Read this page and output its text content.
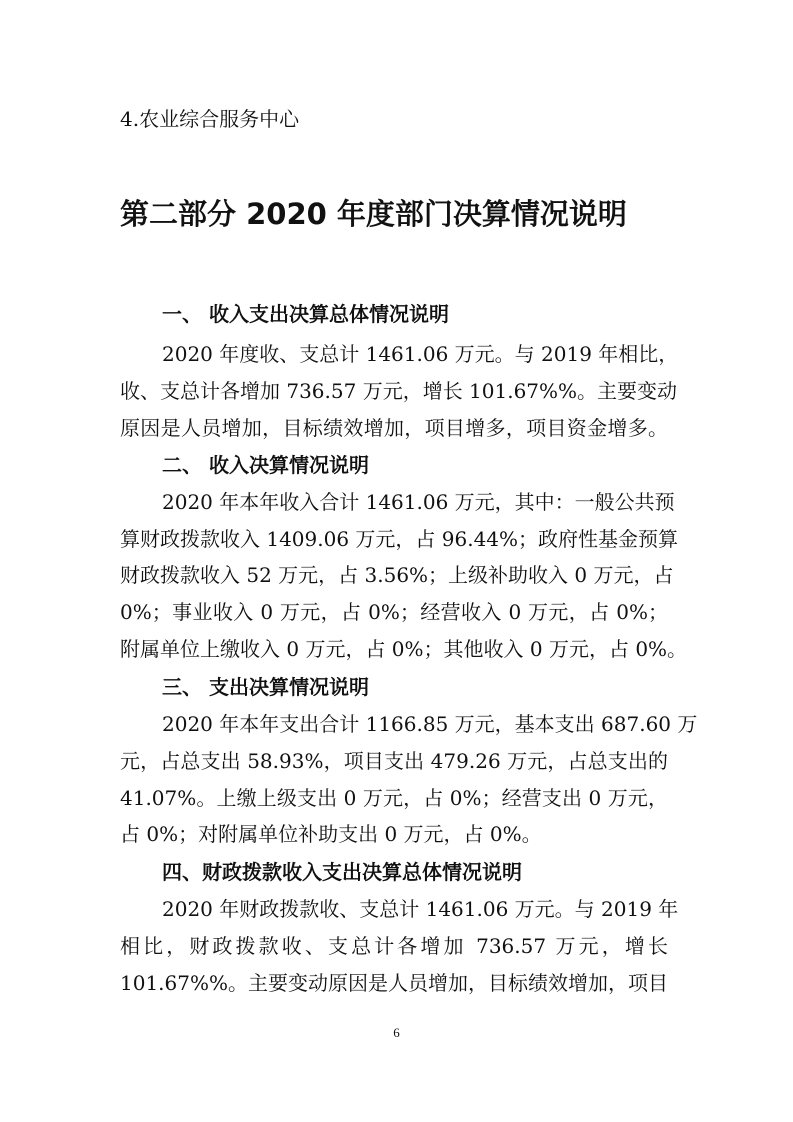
4.农业综合服务中心

第二部分 2020 年度部门决算情况说明
一、 收入支出决算总体情况说明

2020 年度收、支总计 1461.06 万元。与 2019 年相比，

收、支总计各增加 736.57 万元，增长 101.67%%。主要变动

原因是人员增加，目标绩效增加，项目增多，项目资金增多。

二、 收入决算情况说明

2020 年本年收入合计 1461.06 万元，其中：一般公共预

算财政拨款收入 1409.06 万元，占 96.44%；政府性基金预算

财政拨款收入 52 万元，占 3.56%；上级补助收入 0 万元，占

0%；事业收入 0 万元，占 0%；经营收入 0 万元，占 0%；

附属单位上缴收入 0 万元，占 0%；其他收入 0 万元，占 0%。

三、 支出决算情况说明

2020 年本年支出合计 1166.85 万元，基本支出 687.60 万

元，占总支出 58.93%，项目支出 479.26 万元，占总支出的

41.07%。上缴上级支出 0 万元，占 0%；经营支出 0 万元，

占 0%；对附属单位补助支出 0 万元，占 0%。

四、财政拨款收入支出决算总体情况说明

2020 年财政拨款收、支总计 1461.06 万元。与 2019 年

相比，财政拨款收、支总计各增加 736.57 万元，增长

101.67%%。主要变动原因是人员增加，目标绩效增加，项目

6
